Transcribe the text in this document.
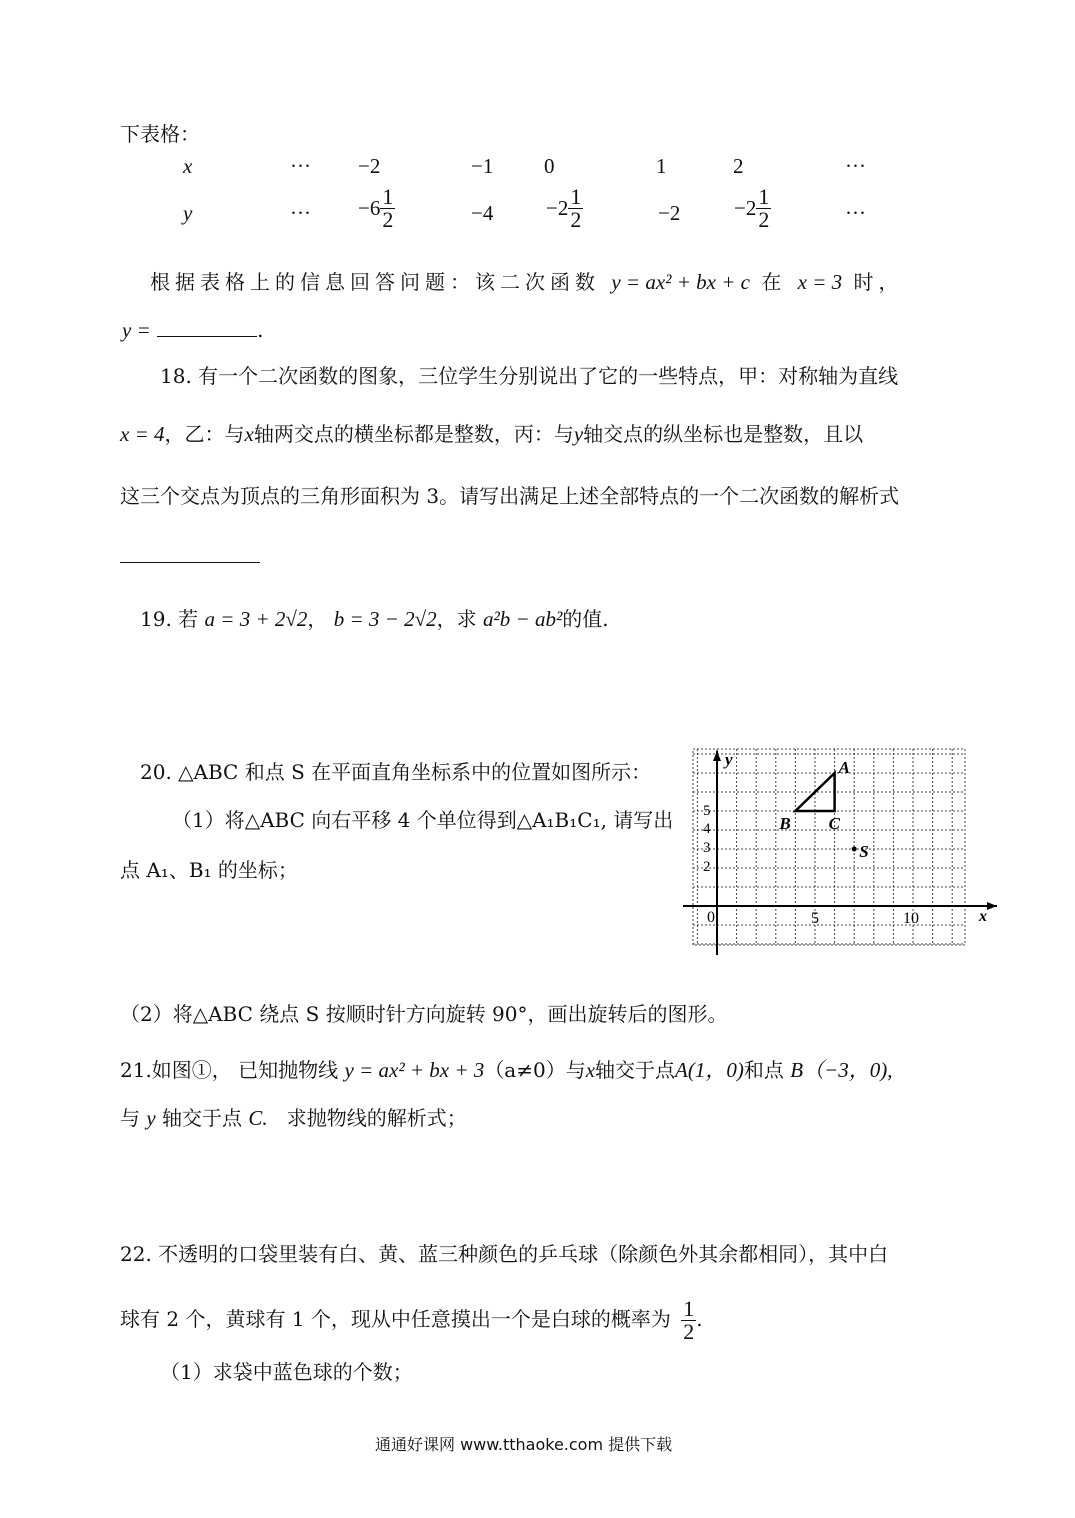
下表格：
x	··· −2	−1 0	1	2	···
y	··· $-6 \frac{1}{2}$	−4	$-2 \frac{1}{2}$	−2	$-2 \frac{1}{2}$	···
根据表格上的信息回答问题：该二次函数 y = ax² + bx + c 在 x = 3 时，
y =	.
18. 有一个二次函数的图象，三位学生分别说出了它的一些特点，甲：对称轴为直线
x = 4，乙：与x轴两交点的横坐标都是整数，丙：与y轴交点的纵坐标也是整数，且以
这三个交点为顶点的三角形面积为 3。请写出满足上述全部特点的一个二次函数的解析式
19. 若 a = 3 + 2√2， b = 3 − 2√2，求 a²b − ab²的值.
20. △ABC 和点 S 在平面直角坐标系中的位置如图所示：
（1）将△ABC 向右平移 4 个单位得到△A₁B₁C₁, 请写出
点 A₁、B₁ 的坐标；
y
x
0	5	10
2
3
4
5
A
B C
S
（2）将△ABC 绕点 S 按顺时针方向旋转 90°，画出旋转后的图形。
21.如图①， 已知抛物线 y = ax² + bx + 3（a≠0）与x轴交于点A(1，0)和点 B（−3，0),
与 y 轴交于点 C. 求抛物线的解析式；
22. 不透明的口袋里装有白、黄、蓝三种颜色的乒乓球（除颜色外其余都相同），其中白
球有 2 个，黄球有 1 个，现从中任意摸出一个是白球的概率为 $\frac{1}{2}$ .
（1）求袋中蓝色球的个数；
通通好课网 www.tthaoke.com 提供下载
